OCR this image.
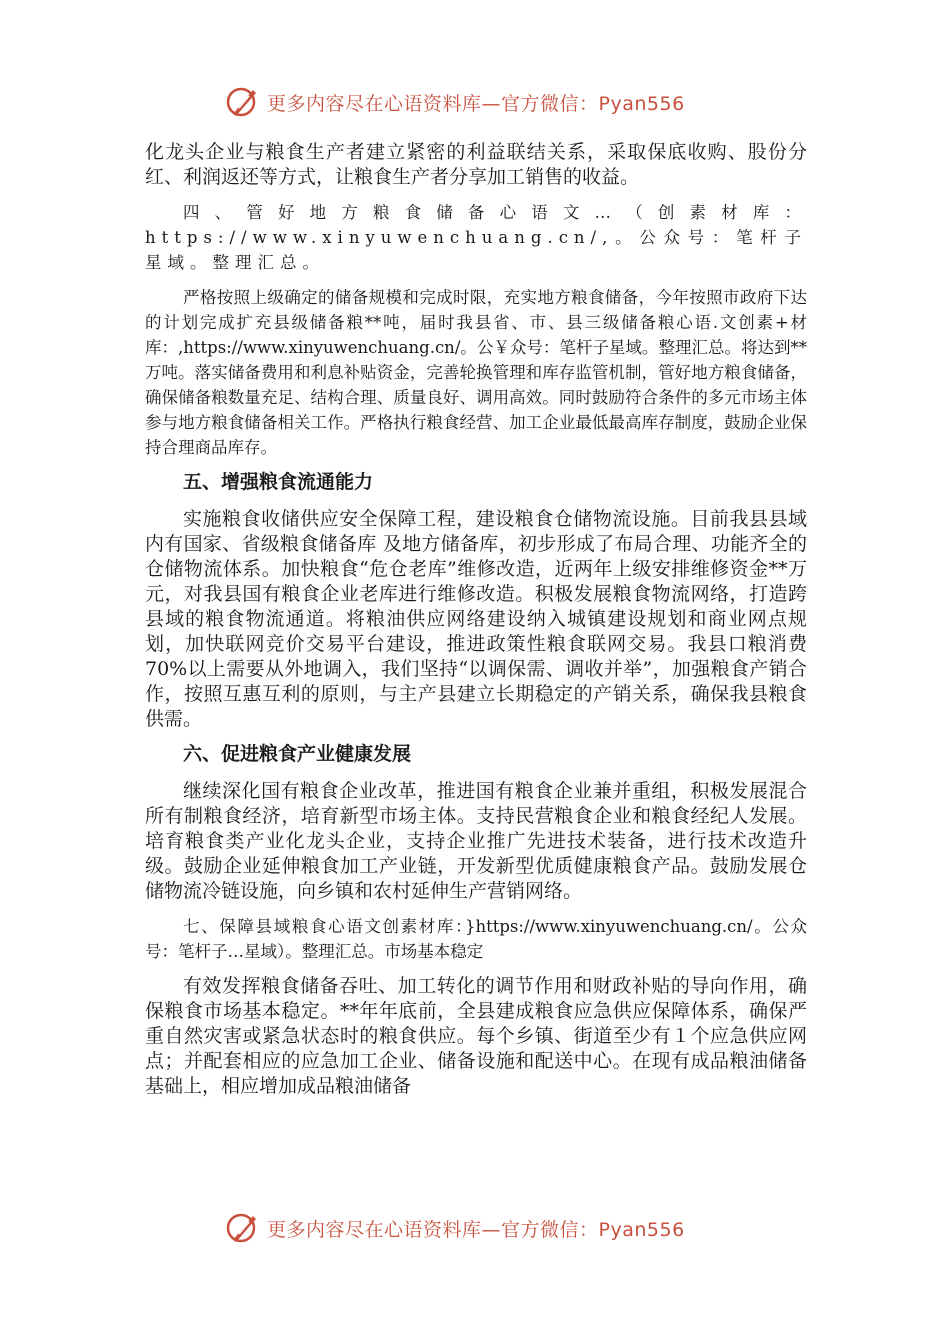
更多内容尽在心语资料库—官方微信：Pyan556

化龙头企业与粮食生产者建立紧密的利益联结关系，采取保底收购、股份分红、利润返还等方式，让粮食生产者分享加工销售的收益。

四、管好地方粮食储备心语文…（创素材库：https://www.xinyuwenchuang.cn/,。公众号：笔杆子星域。整理汇总。

严格按照上级确定的储备规模和完成时限，充实地方粮食储备，今年按照市政府下达的计划完成扩充县级储备粮**吨，届时我县省、市、县三级储备粮心语.文创素+材库：,https://www.xinyuwenchuang.cn/。公￥众号：笔杆子星域。整理汇总。将达到**万吨。落实储备费用和利息补贴资金，完善轮换管理和库存监管机制，管好地方粮食储备，确保储备粮数量充足、结构合理、质量良好、调用高效。同时鼓励符合条件的多元市场主体参与地方粮食储备相关工作。严格执行粮食经营、加工企业最低最高库存制度，鼓励企业保持合理商品库存。

五、增强粮食流通能力

实施粮食收储供应安全保障工程，建设粮食仓储物流设施。目前我县县域内有国家、省级粮食储备库 及地方储备库，初步形成了布局合理、功能齐全的仓储物流体系。加快粮食“危仓老库”维修改造，近两年上级安排维修资金**万元，对我县国有粮食企业老库进行维修改造。积极发展粮食物流网络，打造跨县域的粮食物流通道。将粮油供应网络建设纳入城镇建设规划和商业网点规划，加快联网竞价交易平台建设，推进政策性粮食联网交易。我县口粮消费70%以上需要从外地调入，我们坚持“以调保需、调收并举”，加强粮食产销合作，按照互惠互利的原则，与主产县建立长期稳定的产销关系，确保我县粮食供需。

六、促进粮食产业健康发展

继续深化国有粮食企业改革，推进国有粮食企业兼并重组，积极发展混合所有制粮食经济，培育新型市场主体。支持民营粮食企业和粮食经纪人发展。培育粮食类产业化龙头企业，支持企业推广先进技术装备，进行技术改造升级。鼓励企业延伸粮食加工产业链，开发新型优质健康粮食产品。鼓励发展仓储物流冷链设施，向乡镇和农村延伸生产营销网络。

七、保障县域粮食心语文创素材库：}https://www.xinyuwenchuang.cn/。公众号：笔杆子…星域）。整理汇总。市场基本稳定

有效发挥粮食储备吞吐、加工转化的调节作用和财政补贴的导向作用，确保粮食市场基本稳定。**年年底前，全县建成粮食应急供应保障体系，确保严重自然灾害或紧急状态时的粮食供应。每个乡镇、街道至少有１个应急供应网点；并配套相应的应急加工企业、储备设施和配送中心。在现有成品粮油储备基础上，相应增加成品粮油储备

更多内容尽在心语资料库—官方微信：Pyan556
